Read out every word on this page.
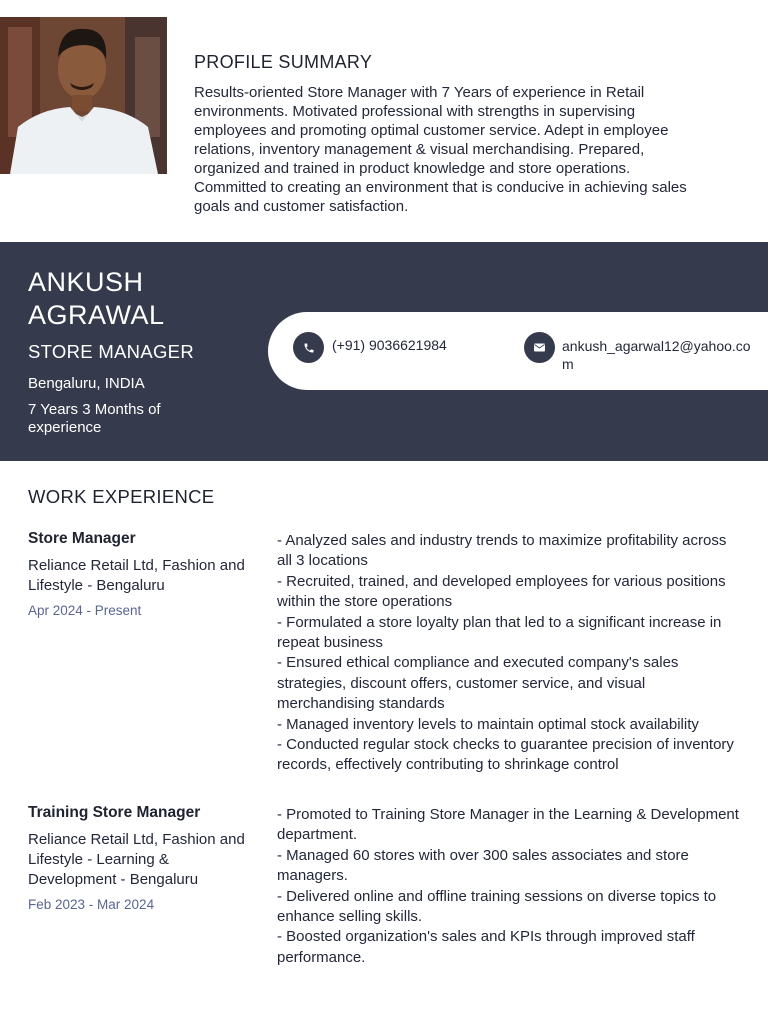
PROFILE SUMMARY
Results-oriented Store Manager with 7 Years of experience in Retail environments. Motivated professional with strengths in supervising employees and promoting optimal customer service. Adept in employee relations, inventory management & visual merchandising. Prepared, organized and trained in product knowledge and store operations. Committed to creating an environment that is conducive in achieving sales goals and customer satisfaction.
ANKUSH AGRAWAL
STORE MANAGER
Bengaluru, INDIA
7 Years 3 Months of experience
(+91) 9036621984	ankush_agarwal12@yahoo.com
WORK EXPERIENCE
Store Manager
Reliance Retail Ltd, Fashion and Lifestyle - Bengaluru
Apr 2024 - Present
- Analyzed sales and industry trends to maximize profitability across all 3 locations
- Recruited, trained, and developed employees for various positions within the store operations
- Formulated a store loyalty plan that led to a significant increase in repeat business
- Ensured ethical compliance and executed company's sales strategies, discount offers, customer service, and visual merchandising standards
- Managed inventory levels to maintain optimal stock availability
- Conducted regular stock checks to guarantee precision of inventory records, effectively contributing to shrinkage control
Training Store Manager
Reliance Retail Ltd, Fashion and Lifestyle - Learning & Development - Bengaluru
Feb 2023 - Mar 2024
- Promoted to Training Store Manager in the Learning & Development department.
- Managed 60 stores with over 300 sales associates and store managers.
- Delivered online and offline training sessions on diverse topics to enhance selling skills.
- Boosted organization's sales and KPIs through improved staff performance.
